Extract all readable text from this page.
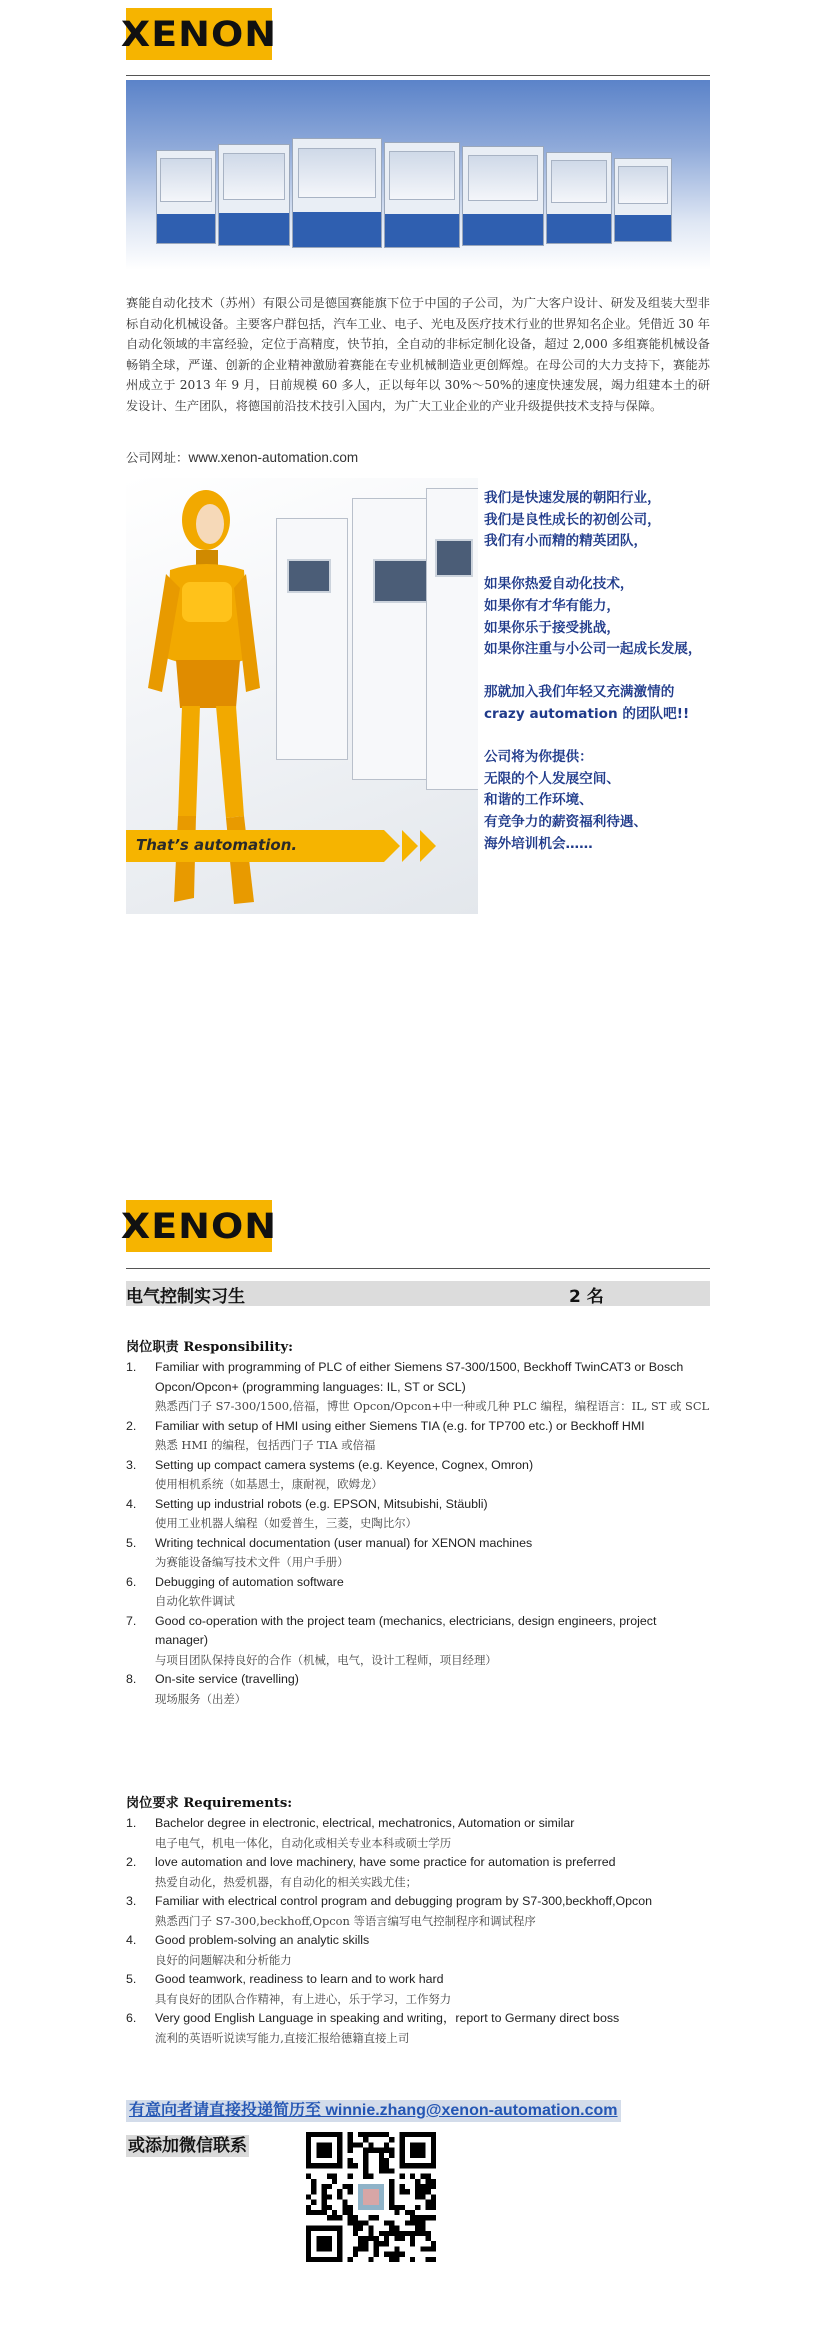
XENON
赛能自动化技术（苏州）有限公司是德国赛能旗下位于中国的子公司，为广大客户设计、研发及组装大型非标自动化机械设备。主要客户群包括，汽车工业、电子、光电及医疗技术行业的世界知名企业。凭借近 30 年自动化领域的丰富经验，定位于高精度，快节拍，全自动的非标定制化设备，超过 2,000 多组赛能机械设备畅销全球，严谨、创新的企业精神激励着赛能在专业机械制造业更创辉煌。在母公司的大力支持下，赛能苏州成立于 2013 年 9 月，日前规模 60 多人，正以每年以 30%～50%的速度快速发展，竭力组建本土的研发设计、生产团队，将德国前沿技术技引入国内，为广大工业企业的产业升级提供技术支持与保障。
公司网址：www.xenon-automation.com
That’s automation.
我们是快速发展的朝阳行业，
我们是良性成长的初创公司，
我们有小而精的精英团队，
如果你热爱自动化技术，
如果你有才华有能力，
如果你乐于接受挑战，
如果你注重与小公司一起成长发展，
那就加入我们年轻又充满激情的crazy automation 的团队吧!!
公司将为你提供：
无限的个人发展空间、
和谐的工作环境、
有竞争力的薪资福利待遇、
海外培训机会……
XENON
电气控制实习生	2 名
岗位职责 Responsibility:
1. Familiar with programming of PLC of either Siemens S7-300/1500, Beckhoff TwinCAT3 or Bosch Opcon/Opcon+ (programming languages: IL, ST or SCL)
熟悉西门子 S7-300/1500,倍福，博世 Opcon/Opcon+中一种或几种 PLC 编程，编程语言：IL, ST 或 SCL
2. Familiar with setup of HMI using either Siemens TIA (e.g. for TP700 etc.) or Beckhoff HMI
熟悉 HMI 的编程，包括西门子 TIA 或倍福
3. Setting up compact camera systems (e.g. Keyence, Cognex, Omron)
使用相机系统（如基恩士，康耐视，欧姆龙）
4. Setting up industrial robots (e.g. EPSON, Mitsubishi, Stäubli)
使用工业机器人编程（如爱普生，三菱，史陶比尔）
5. Writing technical documentation (user manual) for XENON machines
为赛能设备编写技术文件（用户手册）
6. Debugging of automation software
自动化软件调试
7. Good co-operation with the project team (mechanics, electricians, design engineers, project manager)
与项目团队保持良好的合作（机械，电气，设计工程师，项目经理）
8. On-site service (travelling)
现场服务（出差）
岗位要求 Requirements:
1. Bachelor degree in electronic, electrical, mechatronics, Automation or similar
电子电气，机电一体化，自动化或相关专业本科或硕士学历
2. love automation and love machinery, have some practice for automation is preferred
热爱自动化，热爱机器，有自动化的相关实践尤佳；
3. Familiar with electrical control program and debugging program by S7-300,beckhoff,Opcon
熟悉西门子 S7-300,beckhoff,Opcon 等语言编写电气控制程序和调试程序
4. Good problem-solving an analytic skills
良好的问题解决和分析能力
5. Good teamwork, readiness to learn and to work hard
具有良好的团队合作精神，有上进心，乐于学习，工作努力
6. Very good English Language in speaking and writing，report to Germany direct boss
流利的英语听说读写能力,直接汇报给德籍直接上司
有意向者请直接投递简历至 winnie.zhang@xenon-automation.com
或添加微信联系
